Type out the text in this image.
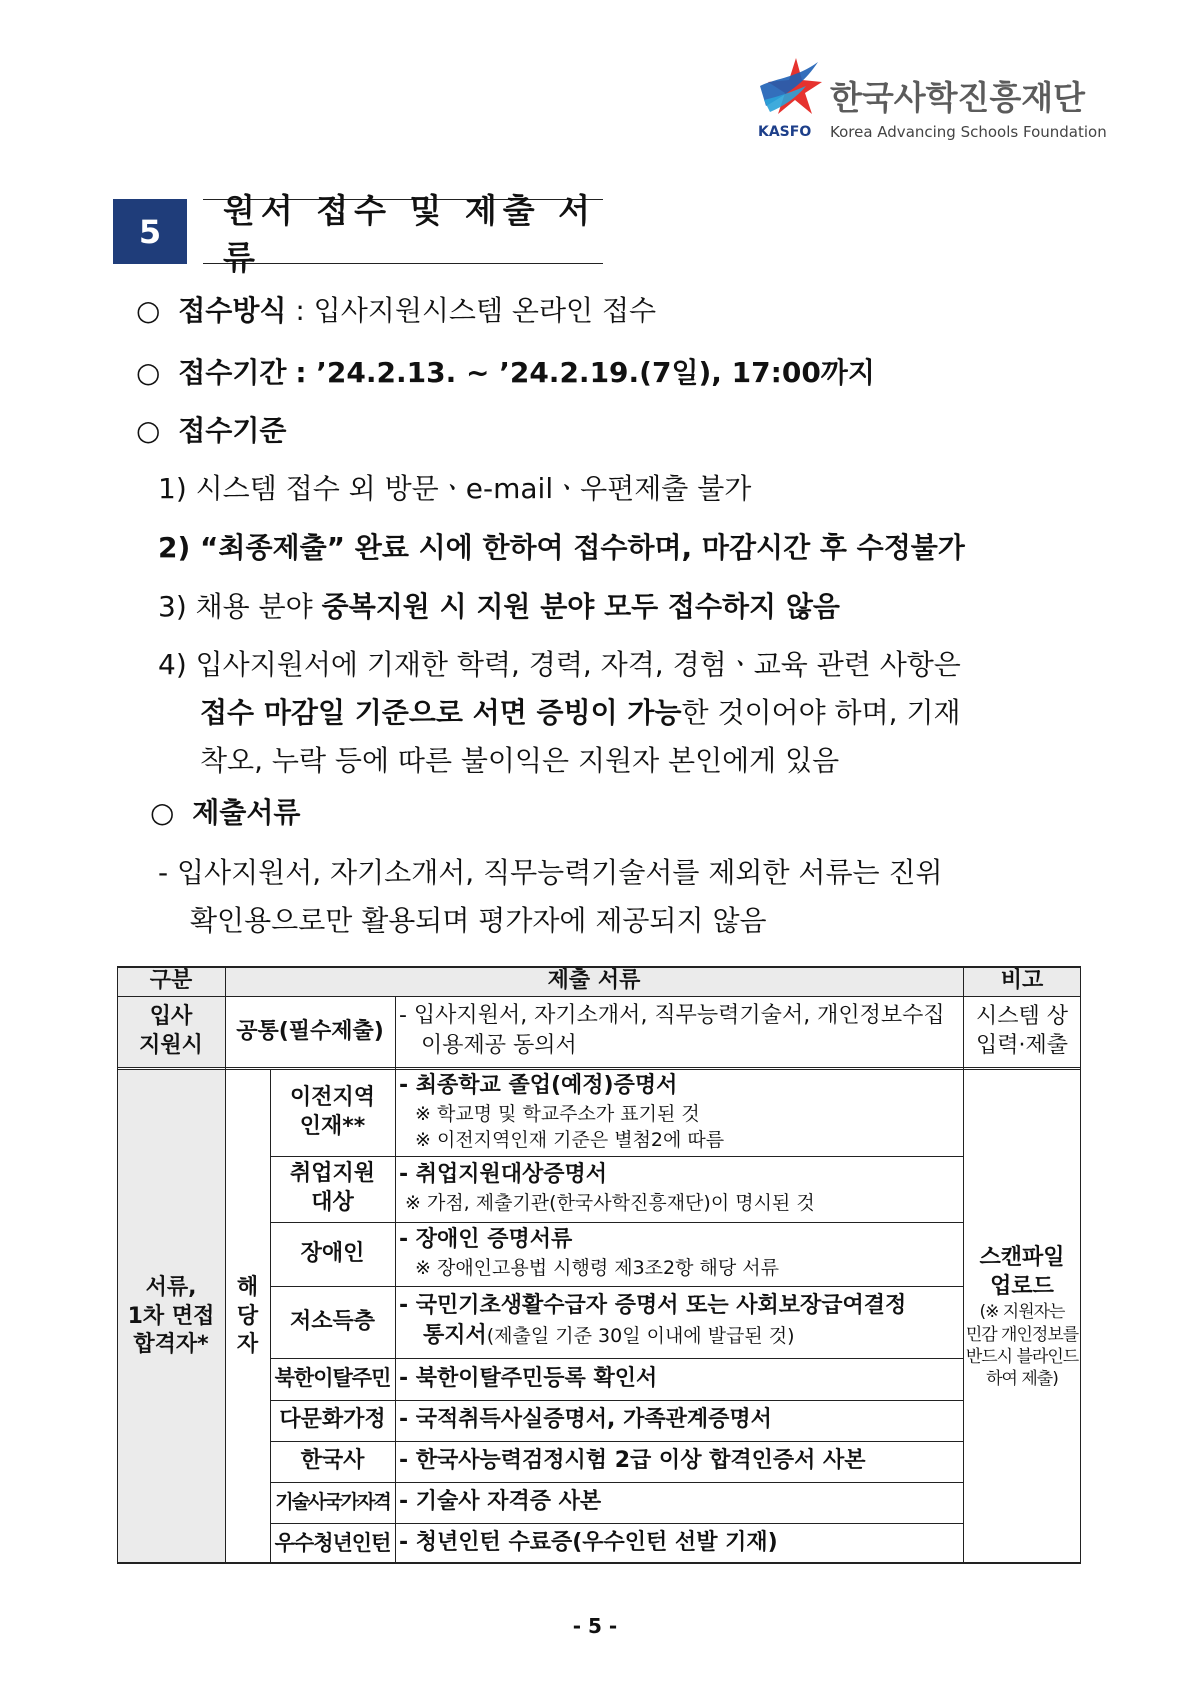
한국사학진흥재단
KASFO Korea Advancing Schools Foundation
5
원서 접수 및 제출 서류
○  접수방식 : 입사지원시스템 온라인 접수
○  접수기간 : ’24.2.13. ~ ’24.2.19.(7일), 17:00까지
○  접수기준
1) 시스템 접수 외 방문ㆍe-mailㆍ우편제출 불가
2) “최종제출” 완료 시에 한하여 접수하며, 마감시간 후 수정불가
3) 채용 분야 중복지원 시 지원 분야 모두 접수하지 않음
4) 입사지원서에 기재한 학력, 경력, 자격, 경험ㆍ교육 관련 사항은
접수 마감일 기준으로 서면 증빙이 가능한 것이어야 하며, 기재
착오, 누락 등에 따른 불이익은 지원자 본인에게 있음
○  제출서류
- 입사지원서, 자기소개서, 직무능력기술서를 제외한 서류는 진위
확인용으로만 활용되며 평가자에 제공되지 않음
구분	제출 서류	비고
입사
지원시
공통(필수제출)
- 입사지원서, 자기소개서, 직무능력기술서, 개인정보수집
이용제공 동의서
시스템 상
입력·제출
서류,
1차 면접
합격자*
해
당
자
이전지역
인재**
취업지원
대상
장애인
저소득층
북한이탈주민
다문화가정
한국사
기술사국가자격
우수청년인턴
- 최종학교 졸업(예정)증명서
※ 학교명 및 학교주소가 표기된 것
※ 이전지역인재 기준은 별첨2에 따름
- 취업지원대상증명서
※ 가점, 제출기관(한국사학진흥재단)이 명시된 것
- 장애인 증명서류
※ 장애인고용법 시행령 제3조2항 해당 서류
- 국민기초생활수급자 증명서 또는 사회보장급여결정
통지서(제출일 기준 30일 이내에 발급된 것)
- 북한이탈주민등록 확인서
- 국적취득사실증명서, 가족관계증명서
- 한국사능력검정시험 2급 이상 합격인증서 사본
- 기술사 자격증 사본
- 청년인턴 수료증(우수인턴 선발 기재)
스캔파일
업로드
(※ 지원자는
민감 개인정보를
반드시 블라인드
하여 제출)
- 5 -
